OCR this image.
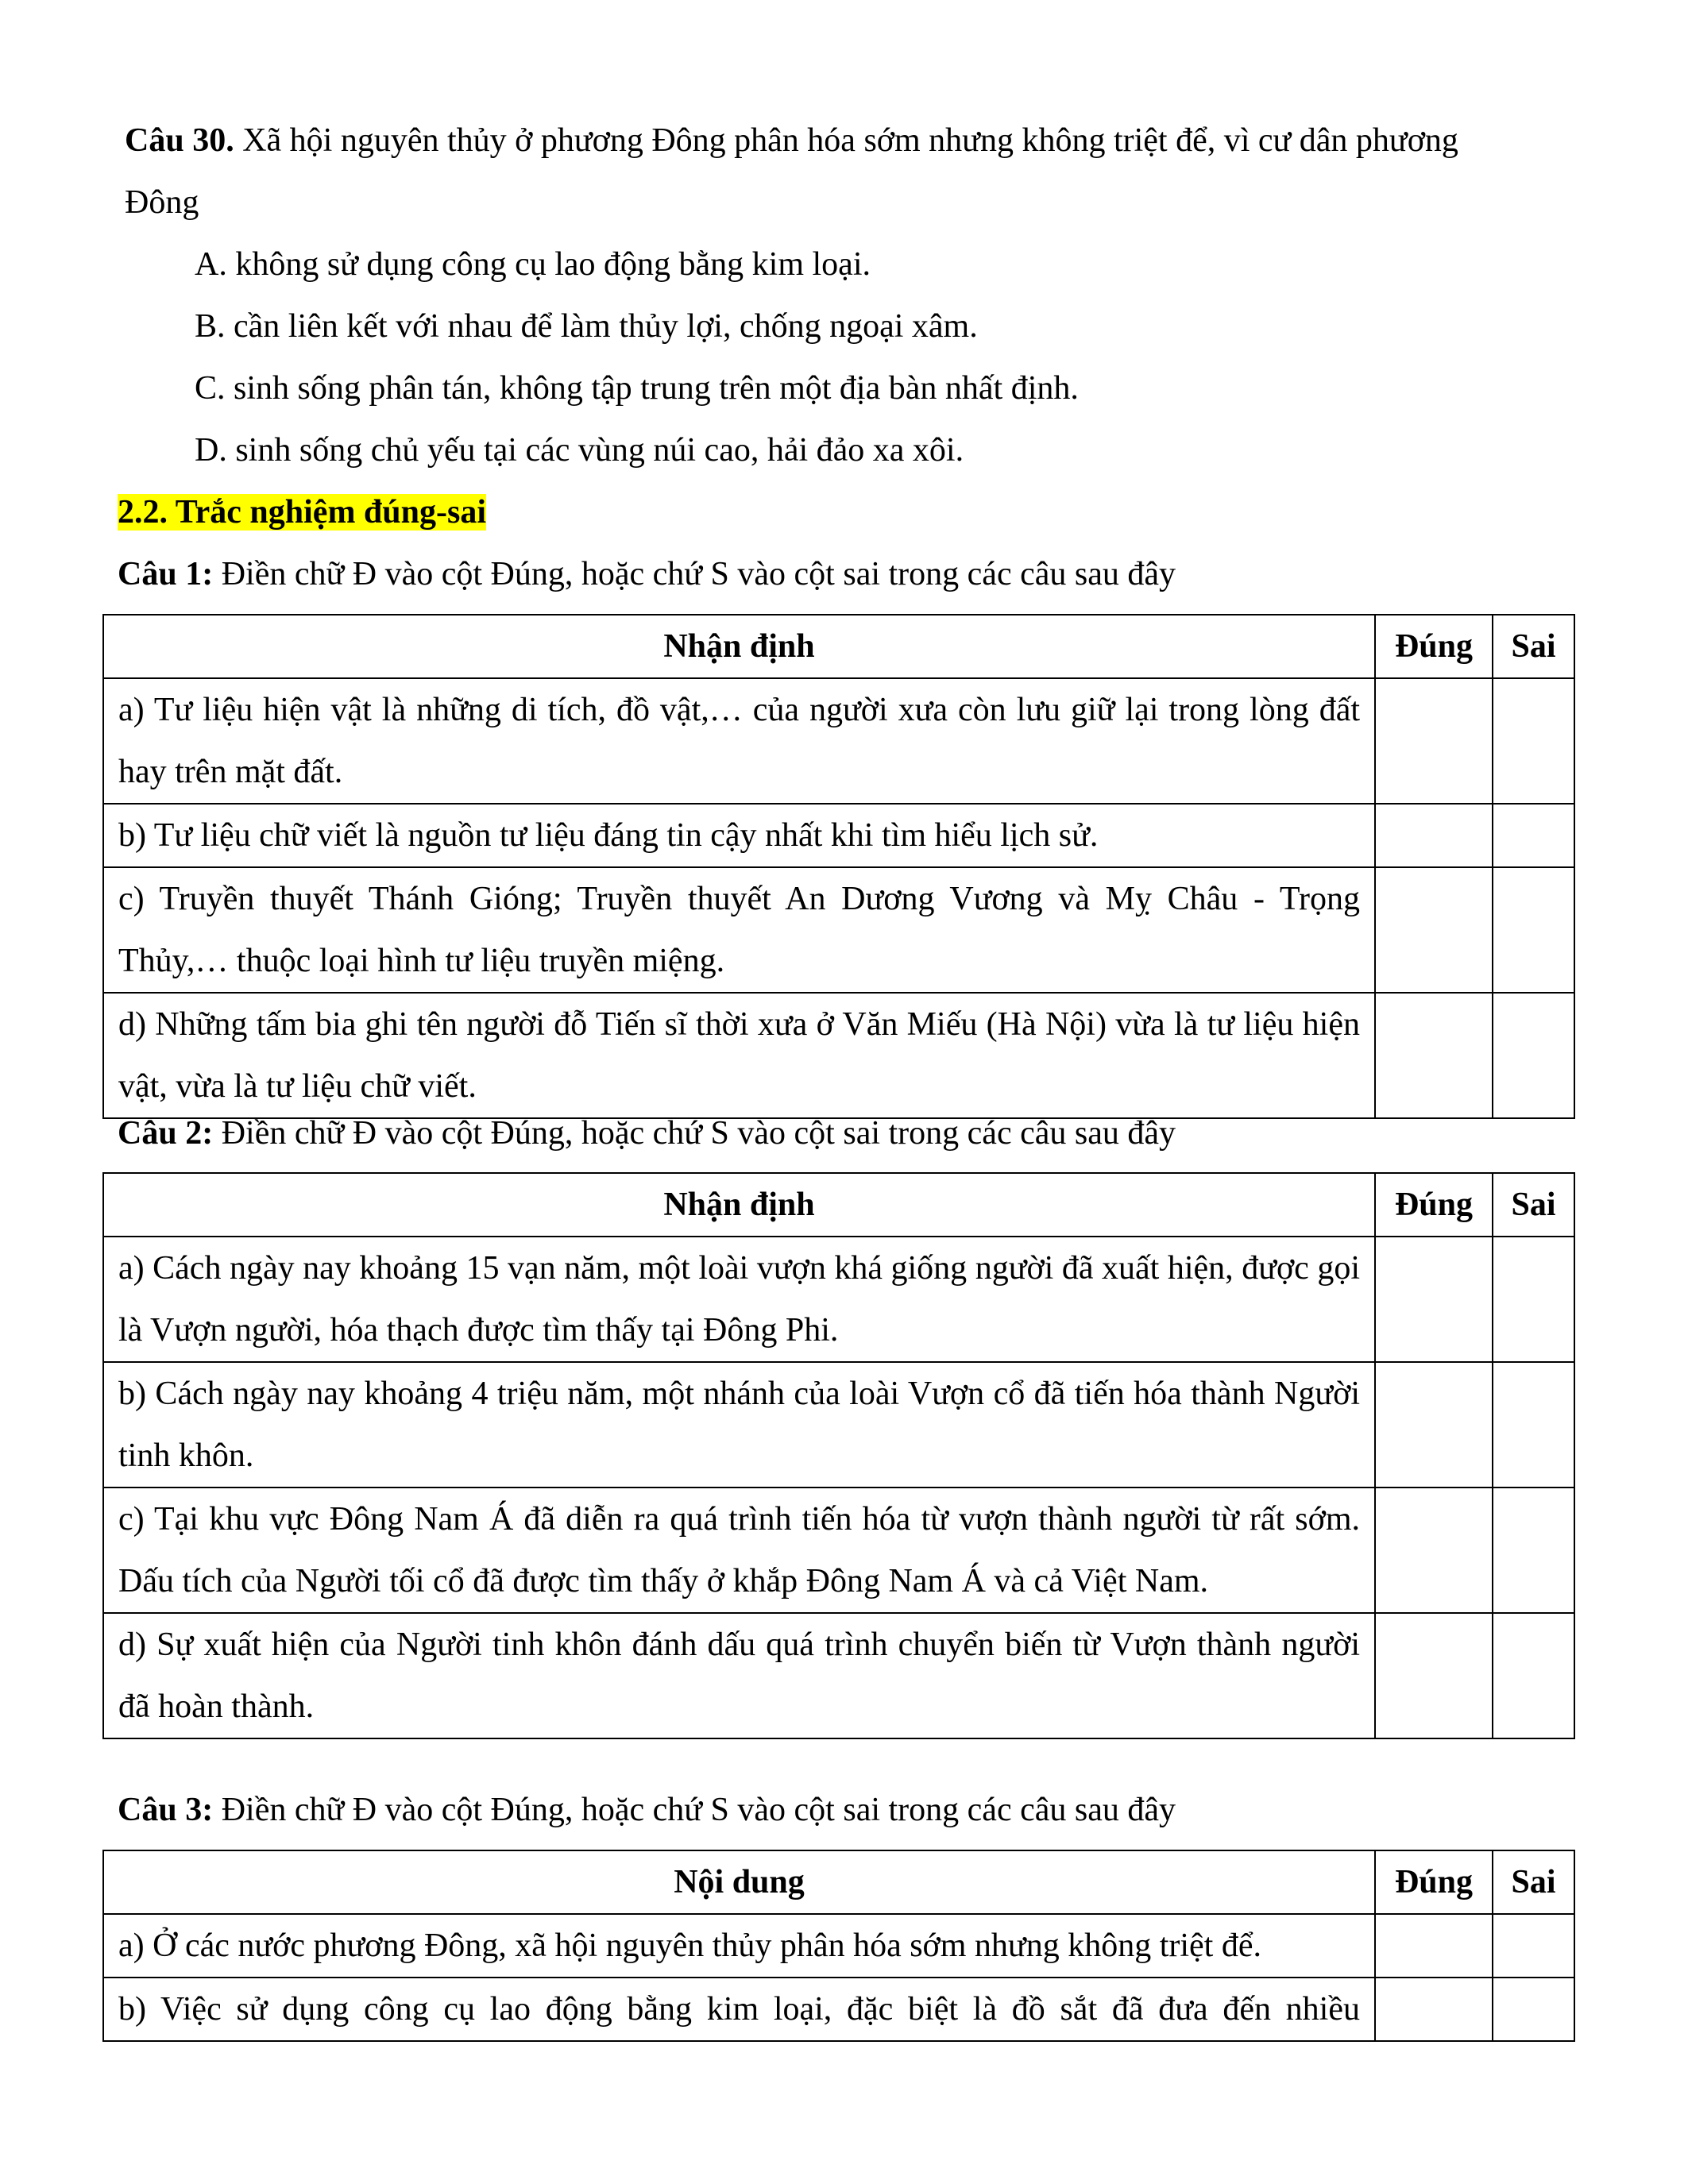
Câu 30. Xã hội nguyên thủy ở phương Đông phân hóa sớm nhưng không triệt để, vì cư dân phương
Đông
A. không sử dụng công cụ lao động bằng kim loại.
B. cần liên kết với nhau để làm thủy lợi, chống ngoại xâm.
C. sinh sống phân tán, không tập trung trên một địa bàn nhất định.
D. sinh sống chủ yếu tại các vùng núi cao, hải đảo xa xôi.
2.2. Trắc nghiệm đúng-sai
Câu 1: Điền chữ Đ vào cột Đúng, hoặc chứ S vào cột sai trong các câu sau đây
Nhận định	Đúng	Sai
a) Tư liệu hiện vật là những di tích, đồ vật,… của người xưa còn lưu giữ lại trong lòng đất hay trên mặt đất.		
b) Tư liệu chữ viết là nguồn tư liệu đáng tin cậy nhất khi tìm hiểu lịch sử.		
c) Truyền thuyết Thánh Gióng; Truyền thuyết An Dương Vương và Mỵ Châu - Trọng Thủy,… thuộc loại hình tư liệu truyền miệng.		
d) Những tấm bia ghi tên người đỗ Tiến sĩ thời xưa ở Văn Miếu (Hà Nội) vừa là tư liệu hiện vật, vừa là tư liệu chữ viết.		
Câu 2: Điền chữ Đ vào cột Đúng, hoặc chứ S vào cột sai trong các câu sau đây
Nhận định	Đúng	Sai
a) Cách ngày nay khoảng 15 vạn năm, một loài vượn khá giống người đã xuất hiện, được gọi là Vượn người, hóa thạch được tìm thấy tại Đông Phi.		
b) Cách ngày nay khoảng 4 triệu năm, một nhánh của loài Vượn cổ đã tiến hóa thành Người tinh khôn.		
c) Tại khu vực Đông Nam Á đã diễn ra quá trình tiến hóa từ vượn thành người từ rất sớm. Dấu tích của Người tối cổ đã được tìm thấy ở khắp Đông Nam Á và cả Việt Nam.		
d) Sự xuất hiện của Người tinh khôn đánh dấu quá trình chuyển biến từ Vượn thành người đã hoàn thành.		
Câu 3: Điền chữ Đ vào cột Đúng, hoặc chứ S vào cột sai trong các câu sau đây
Nội dung	Đúng	Sai
a) Ở các nước phương Đông, xã hội nguyên thủy phân hóa sớm nhưng không triệt để.		
b) Việc sử dụng công cụ lao động bằng kim loại, đặc biệt là đồ sắt đã đưa đến nhiều		
